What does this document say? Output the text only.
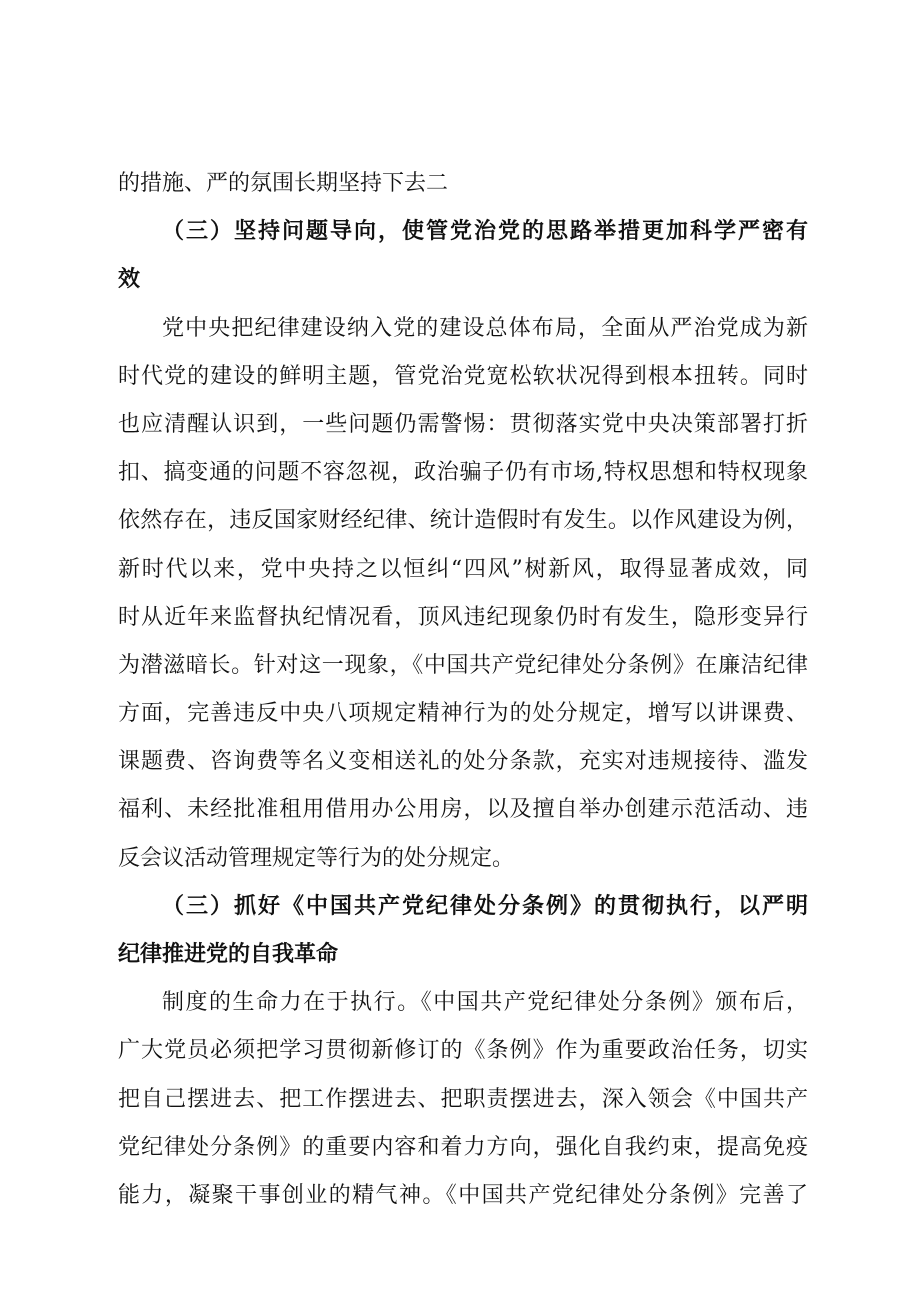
的措施、严的氛围长期坚持下去二
（三）坚持问题导向，使管党治党的思路举措更加科学严密有
效
党中央把纪律建设纳入党的建设总体布局，全面从严治党成为新
时代党的建设的鲜明主题，管党治党宽松软状况得到根本扭转。同时
也应清醒认识到，一些问题仍需警惕：贯彻落实党中央决策部署打折
扣、搞变通的问题不容忽视，政治骗子仍有市场,特权思想和特权现象
依然存在，违反国家财经纪律、统计造假时有发生。以作风建设为例，
新时代以来，党中央持之以恒纠“四风”树新风，取得显著成效，同
时从近年来监督执纪情况看，顶风违纪现象仍时有发生，隐形变异行
为潜滋暗长。针对这一现象，《中国共产党纪律处分条例》在廉洁纪律
方面，完善违反中央八项规定精神行为的处分规定，增写以讲课费、
课题费、咨询费等名义变相送礼的处分条款，充实对违规接待、滥发
福利、未经批准租用借用办公用房，以及擅自举办创建示范活动、违
反会议活动管理规定等行为的处分规定。
（三）抓好《中国共产党纪律处分条例》的贯彻执行，以严明
纪律推进党的自我革命
制度的生命力在于执行。《中国共产党纪律处分条例》颁布后，
广大党员必须把学习贯彻新修订的《条例》作为重要政治任务，切实
把自己摆进去、把工作摆进去、把职责摆进去，深入领会《中国共产
党纪律处分条例》的重要内容和着力方向，强化自我约束，提高免疫
能力，凝聚干事创业的精气神。《中国共产党纪律处分条例》完善了
